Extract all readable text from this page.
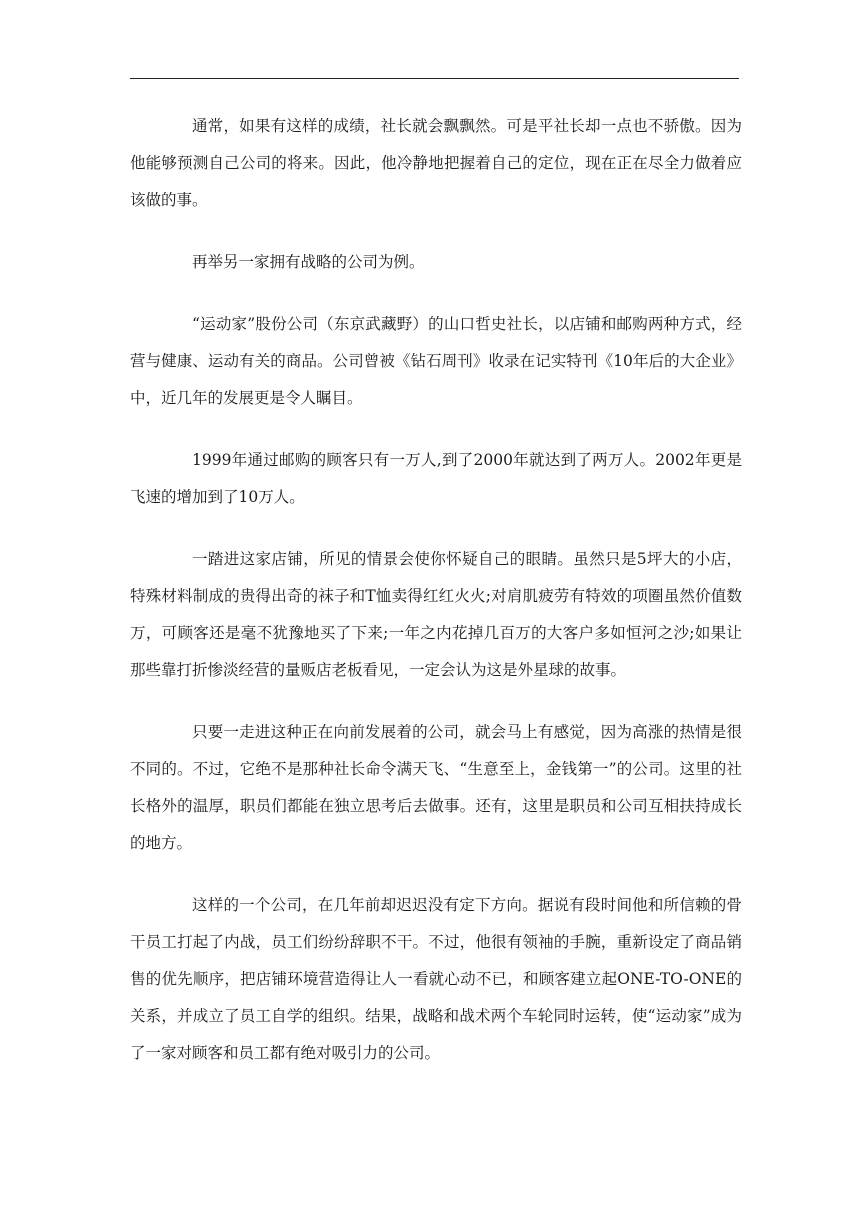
通常，如果有这样的成绩，社长就会飘飘然。可是平社长却一点也不骄傲。因为他能够预测自己公司的将来。因此，他冷静地把握着自己的定位，现在正在尽全力做着应该做的事。

再举另一家拥有战略的公司为例。

“运动家”股份公司（东京武藏野）的山口哲史社长，以店铺和邮购两种方式，经营与健康、运动有关的商品。公司曾被《钻石周刊》收录在记实特刊《10年后的大企业》中，近几年的发展更是令人瞩目。

1999年通过邮购的顾客只有一万人,到了2000年就达到了两万人。2002年更是飞速的增加到了10万人。

一踏进这家店铺，所见的情景会使你怀疑自己的眼睛。虽然只是5坪大的小店，特殊材料制成的贵得出奇的袜子和T恤卖得红红火火;对肩肌疲劳有特效的项圈虽然价值数万，可顾客还是毫不犹豫地买了下来;一年之内花掉几百万的大客户多如恒河之沙;如果让那些靠打折惨淡经营的量贩店老板看见，一定会认为这是外星球的故事。

只要一走进这种正在向前发展着的公司，就会马上有感觉，因为高涨的热情是很不同的。不过，它绝不是那种社长命令满天飞、“生意至上，金钱第一”的公司。这里的社长格外的温厚，职员们都能在独立思考后去做事。还有，这里是职员和公司互相扶持成长的地方。

这样的一个公司，在几年前却迟迟没有定下方向。据说有段时间他和所信赖的骨干员工打起了内战，员工们纷纷辞职不干。不过，他很有领袖的手腕，重新设定了商品销售的优先顺序，把店铺环境营造得让人一看就心动不已，和顾客建立起ONE-TO-ONE的关系，并成立了员工自学的组织。结果，战略和战术两个车轮同时运转，使“运动家”成为了一家对顾客和员工都有绝对吸引力的公司。
